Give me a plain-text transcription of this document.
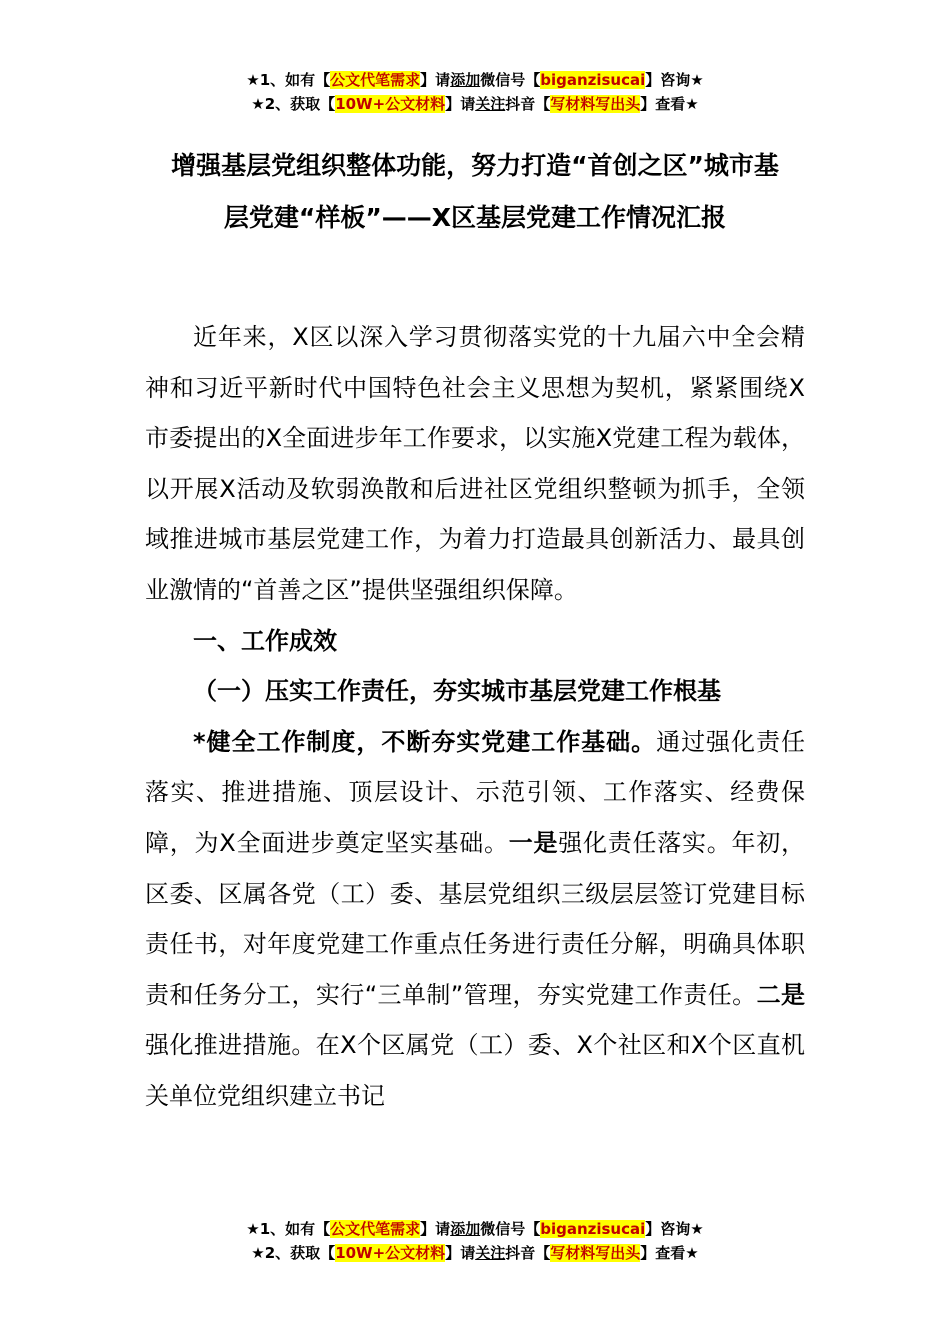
★1、如有【公文代笔需求】请添加微信号【biganzisucai】咨询★
★2、获取【10W+公文材料】请关注抖音【写材料写出头】查看★
增强基层党组织整体功能，努力打造“首创之区”城市基
层党建“样板”——X区基层党建工作情况汇报

近年来，X区以深入学习贯彻落实党的十九届六中全会精神和习近平新时代中国特色社会主义思想为契机，紧紧围绕X市委提出的X全面进步年工作要求，以实施X党建工程为载体，以开展X活动及软弱涣散和后进社区党组织整顿为抓手，全领域推进城市基层党建工作，为着力打造最具创新活力、最具创业激情的“首善之区”提供坚强组织保障。

一、工作成效

（一）压实工作责任，夯实城市基层党建工作根基

*健全工作制度，不断夯实党建工作基础。通过强化责任落实、推进措施、顶层设计、示范引领、工作落实、经费保障，为X全面进步奠定坚实基础。一是强化责任落实。年初，区委、区属各党（工）委、基层党组织三级层层签订党建目标责任书，对年度党建工作重点任务进行责任分解，明确具体职责和任务分工，实行“三单制”管理，夯实党建工作责任。二是强化推进措施。在X个区属党（工）委、X个社区和X个区直机关单位党组织建立书记

★1、如有【公文代笔需求】请添加微信号【biganzisucai】咨询★
★2、获取【10W+公文材料】请关注抖音【写材料写出头】查看★
